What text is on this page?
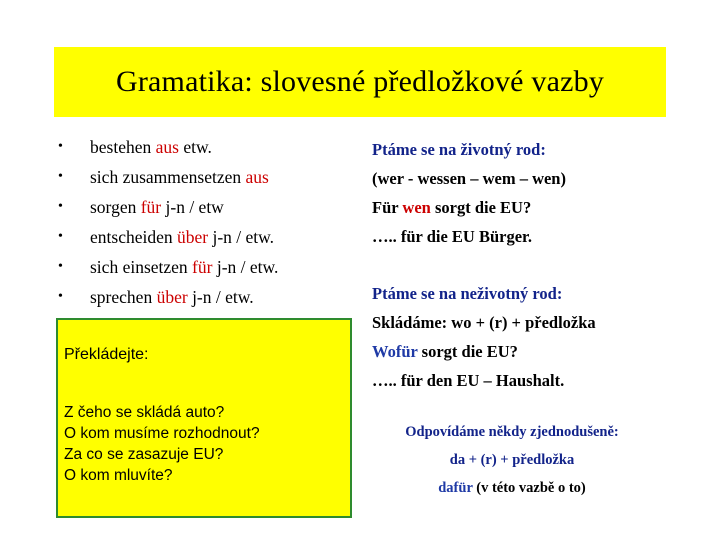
Gramatika: slovesné předložkové vazby
•	bestehen aus etw.
•	sich zusammensetzen aus
•	sorgen für j-n / etw
•	entscheiden über j-n / etw.
•	sich einsetzen für j-n / etw.
•	sprechen über j-n / etw.
Překládejte:
Z čeho se skládá auto?
O kom musíme rozhodnout?
Za co se zasazuje EU?
O kom mluvíte?
Ptáme se na životný rod:
(wer - wessen – wem – wen)
Für wen sorgt die EU?
….. für die EU Bürger.
Ptáme se na neživotný rod:
Skládáme: wo + (r) + předložka
Wofür sorgt die EU?
….. für den EU – Haushalt.
Odpovídáme někdy zjednodušeně:
da + (r) + předložka
dafür (v této vazbě o to)
